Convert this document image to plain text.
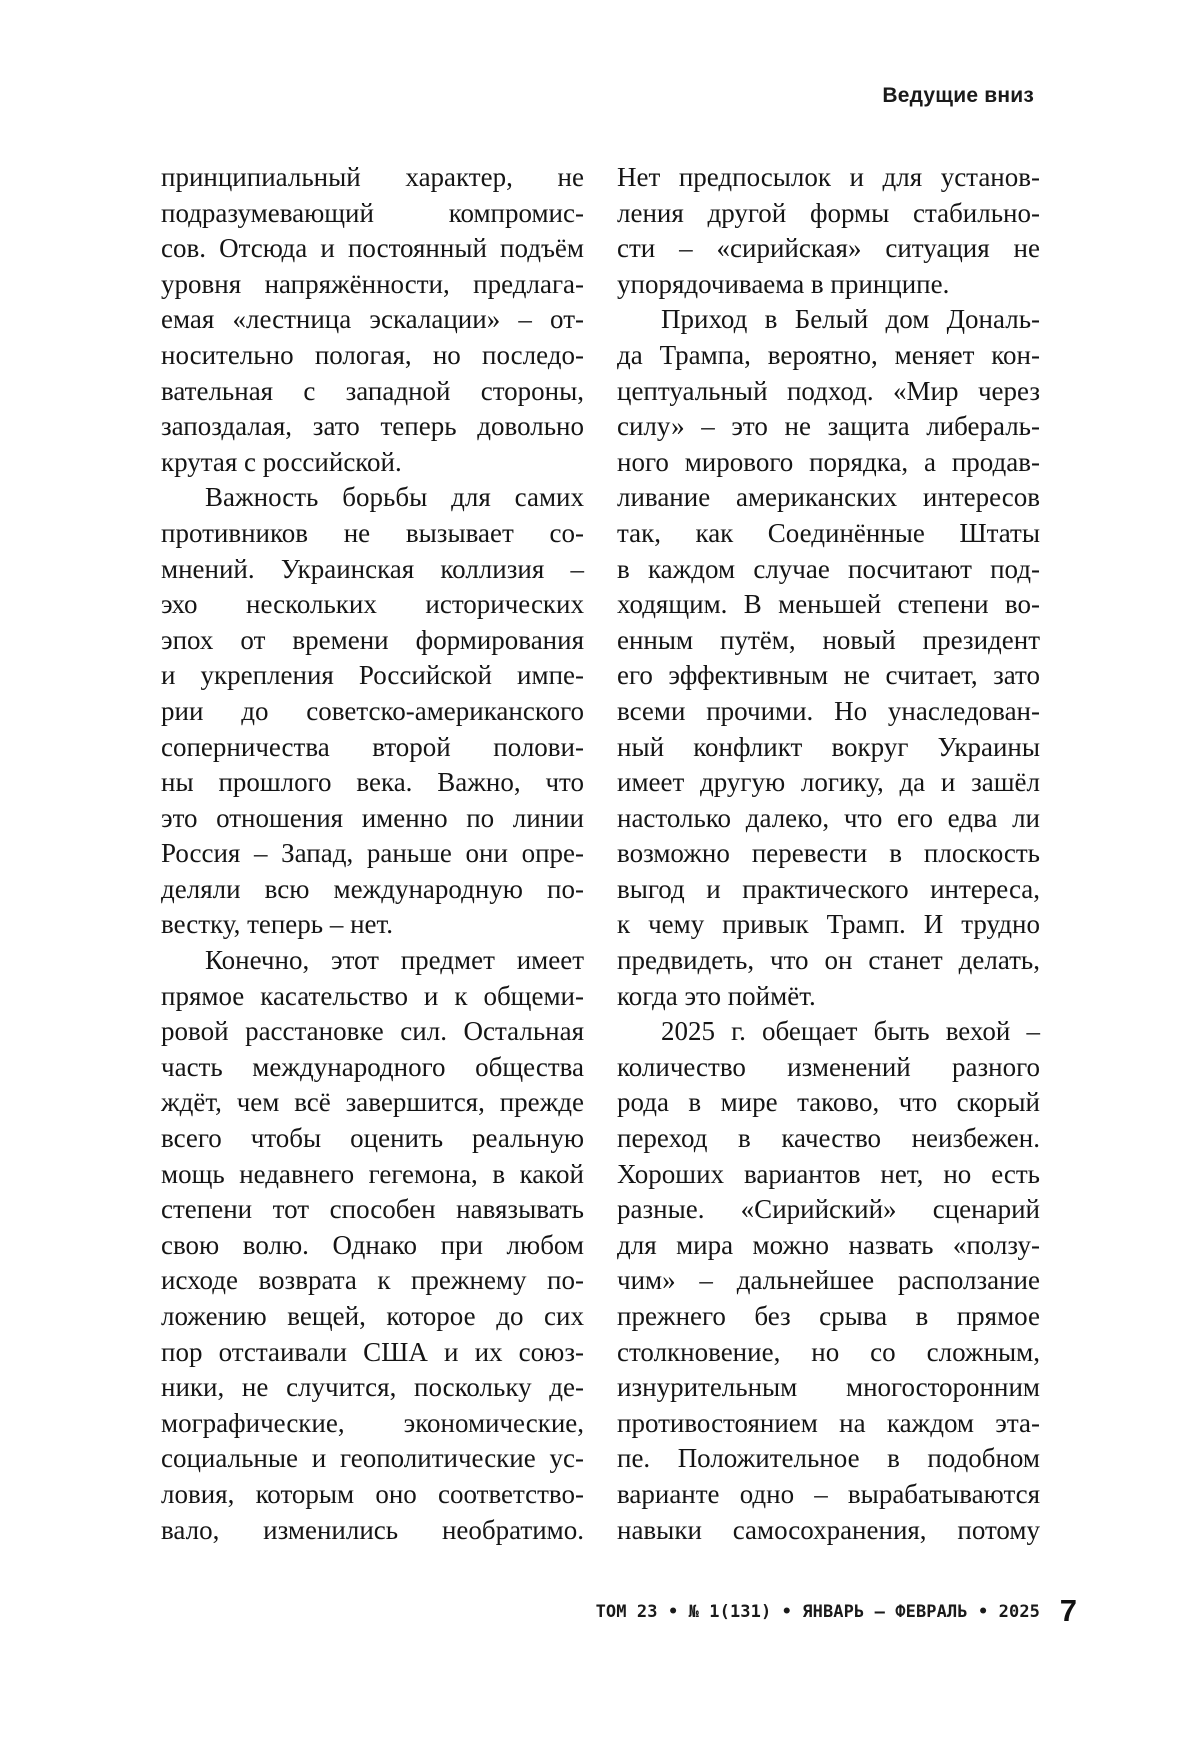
Ведущие вниз
принципиальный характер, не
подразумевающий компромис-
сов. Отсюда и постоянный подъём
уровня напряжённости, предлага-
емая «лестница эскалации» – от-
носительно пологая, но последо-
вательная с западной стороны,
запоздалая, зато теперь довольно
крутая с российской.
Важность борьбы для самих
противников не вызывает со-
мнений. Украинская коллизия –
эхо нескольких исторических
эпох от времени формирования
и укрепления Российской импе-
рии до советско-американского
соперничества второй полови-
ны прошлого века. Важно, что
это отношения именно по линии
Россия – Запад, раньше они опре-
деляли всю международную по-
вестку, теперь – нет.
Конечно, этот предмет имеет
прямое касательство и к общеми-
ровой расстановке сил. Остальная
часть международного общества
ждёт, чем всё завершится, прежде
всего чтобы оценить реальную
мощь недавнего гегемона, в какой
степени тот способен навязывать
свою волю. Однако при любом
исходе возврата к прежнему по-
ложению вещей, которое до сих
пор отстаивали США и их союз-
ники, не случится, поскольку де-
мографические, экономические,
социальные и геополитические ус-
ловия, которым оно соответство-
вало, изменились необратимо.
Нет предпосылок и для установ-
ления другой формы стабильно-
сти – «сирийская» ситуация не
упорядочиваема в принципе.
Приход в Белый дом Дональ-
да Трампа, вероятно, меняет кон-
цептуальный подход. «Мир через
силу» – это не защита либераль-
ного мирового порядка, а продав-
ливание американских интересов
так, как Соединённые Штаты
в каждом случае посчитают под-
ходящим. В меньшей степени во-
енным путём, новый президент
его эффективным не считает, зато
всеми прочими. Но унаследован-
ный конфликт вокруг Украины
имеет другую логику, да и зашёл
настолько далеко, что его едва ли
возможно перевести в плоскость
выгод и практического интереса,
к чему привык Трамп. И трудно
предвидеть, что он станет делать,
когда это поймёт.
2025 г. обещает быть вехой –
количество изменений разного
рода в мире таково, что скорый
переход в качество неизбежен.
Хороших вариантов нет, но есть
разные. «Сирийский» сценарий
для мира можно назвать «ползу-
чим» – дальнейшее расползание
прежнего без срыва в прямое
столкновение, но со сложным,
изнурительным многосторонним
противостоянием на каждом эта-
пе. Положительное в подобном
варианте одно – вырабатываются
навыки самосохранения, потому
ТОМ 23 • № 1(131) • ЯНВАРЬ – ФЕВРАЛЬ • 2025 7
